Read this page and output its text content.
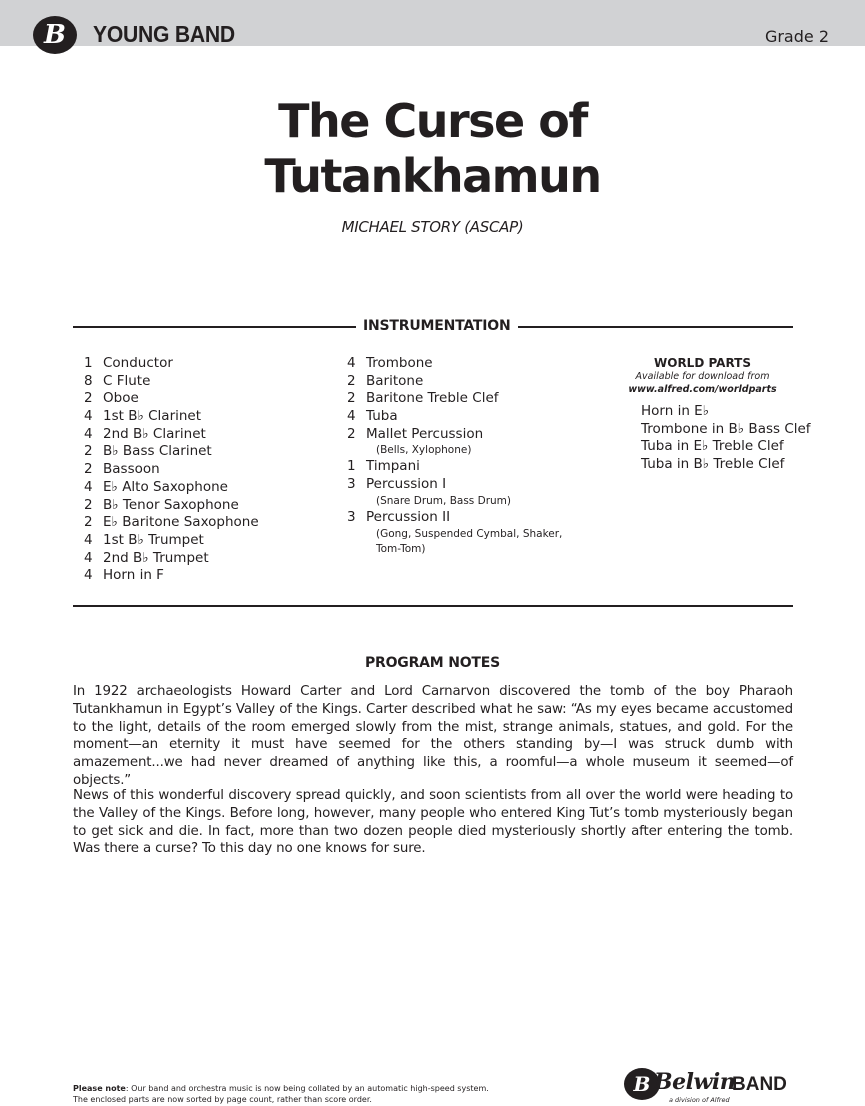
B	YOUNG BAND	Grade 2
The Curse of
Tutankhamun
MICHAEL STORY (ASCAP)
INSTRUMENTATION
1 Conductor
8 C Flute
2 Oboe
4 1st B♭ Clarinet
4 2nd B♭ Clarinet
2 B♭ Bass Clarinet
2 Bassoon
4 E♭ Alto Saxophone
2 B♭ Tenor Saxophone
2 E♭ Baritone Saxophone
4 1st B♭ Trumpet
4 2nd B♭ Trumpet
4 Horn in F
4 Trombone
2 Baritone
2 Baritone Treble Clef
4 Tuba
2 Mallet Percussion
(Bells, Xylophone)
1 Timpani
3 Percussion I
(Snare Drum, Bass Drum)
3 Percussion II
(Gong, Suspended Cymbal, Shaker,
Tom-Tom)
WORLD PARTS
Available for download from
www.alfred.com/worldparts
Horn in E♭
Trombone in B♭ Bass Clef
Tuba in E♭ Treble Clef
Tuba in B♭ Treble Clef
PROGRAM NOTES
In 1922 archaeologists Howard Carter and Lord Carnarvon discovered the tomb of the boy Pharaoh Tutankhamun in Egypt’s Valley of the Kings. Carter described what he saw: “As my eyes became accustomed to the light, details of the room emerged slowly from the mist, strange animals, statues, and gold. For the moment—an eternity it must have seemed for the others standing by—I was struck dumb with amazement...we had never dreamed of anything like this, a roomful—a whole museum it seemed—of objects.”
News of this wonderful discovery spread quickly, and soon scientists from all over the world were heading to the Valley of the Kings. Before long, however, many people who entered King Tut’s tomb mysteriously began to get sick and die. In fact, more than two dozen people died mysteriously shortly after entering the tomb. Was there a curse? To this day no one knows for sure.
Please note: Our band and orchestra music is now being collated by an automatic high-speed system.
The enclosed parts are now sorted by page count, rather than score order.
B Belwin
BAND
a division of Alfred
